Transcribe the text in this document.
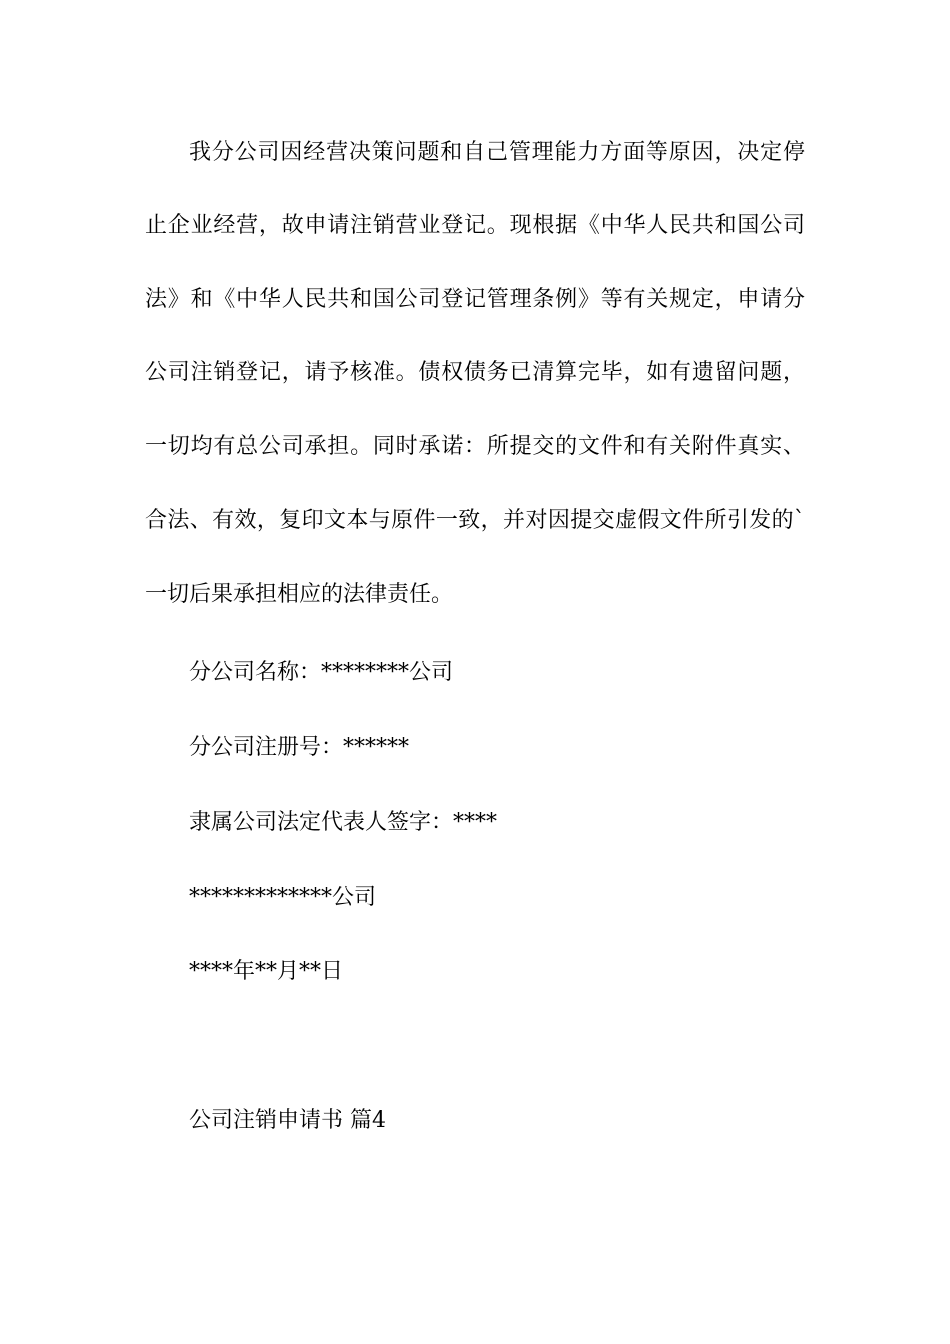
我分公司因经营决策问题和自己管理能力方面等原因，决定停
止企业经营，故申请注销营业登记。现根据《中华人民共和国公司
法》和《中华人民共和国公司登记管理条例》等有关规定，申请分
公司注销登记，请予核准。债权债务已清算完毕，如有遗留问题，
一切均有总公司承担。同时承诺：所提交的文件和有关附件真实、
合法、有效，复印文本与原件一致，并对因提交虚假文件所引发的`
一切后果承担相应的法律责任。
分公司名称：********公司
分公司注册号：******
隶属公司法定代表人签字：****
*************公司
****年**月**日
公司注销申请书 篇4
